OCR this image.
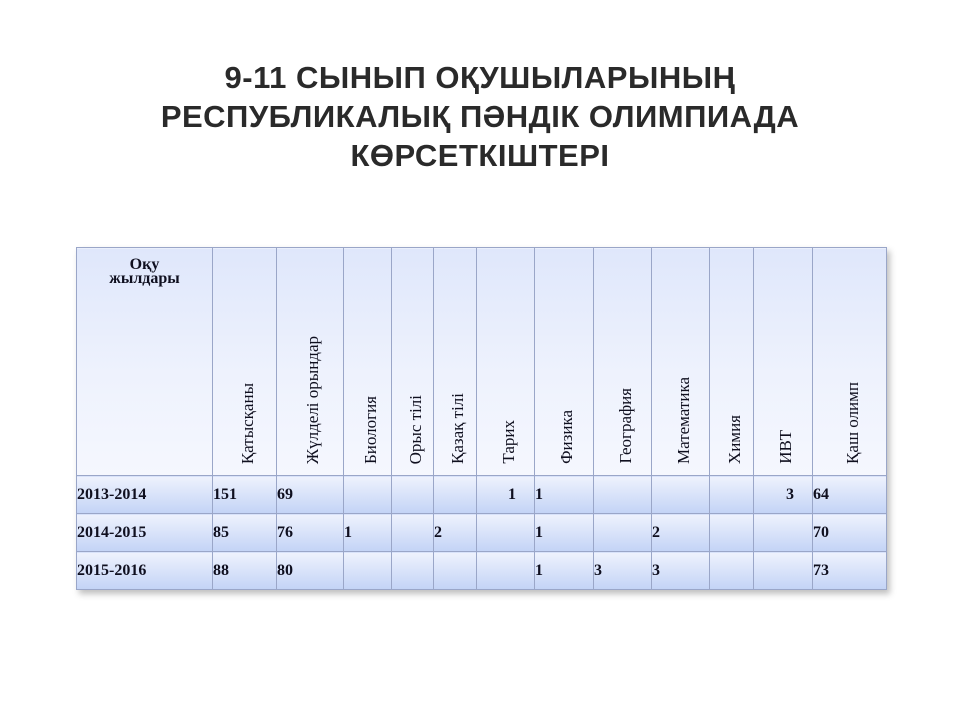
9-11 СЫНЫП ОҚУШЫЛАРЫНЫҢ
РЕСПУБЛИКАЛЫҚ ПӘНДІК ОЛИМПИАДА
КӨРСЕТКІШТЕРІ
Оқу
жылдары	Қатысқаны	Жүлделі орындар	Биология	Орыс тілі	Қазақ тілі	Тарих	Физика	География	Математика	Химия	ИВТ	Қаш олимп
2013-2014	151	69				1	1				3	64
2014-2015	85	76	1		2		1		2			70
2015-2016	88	80					1	3	3			73
